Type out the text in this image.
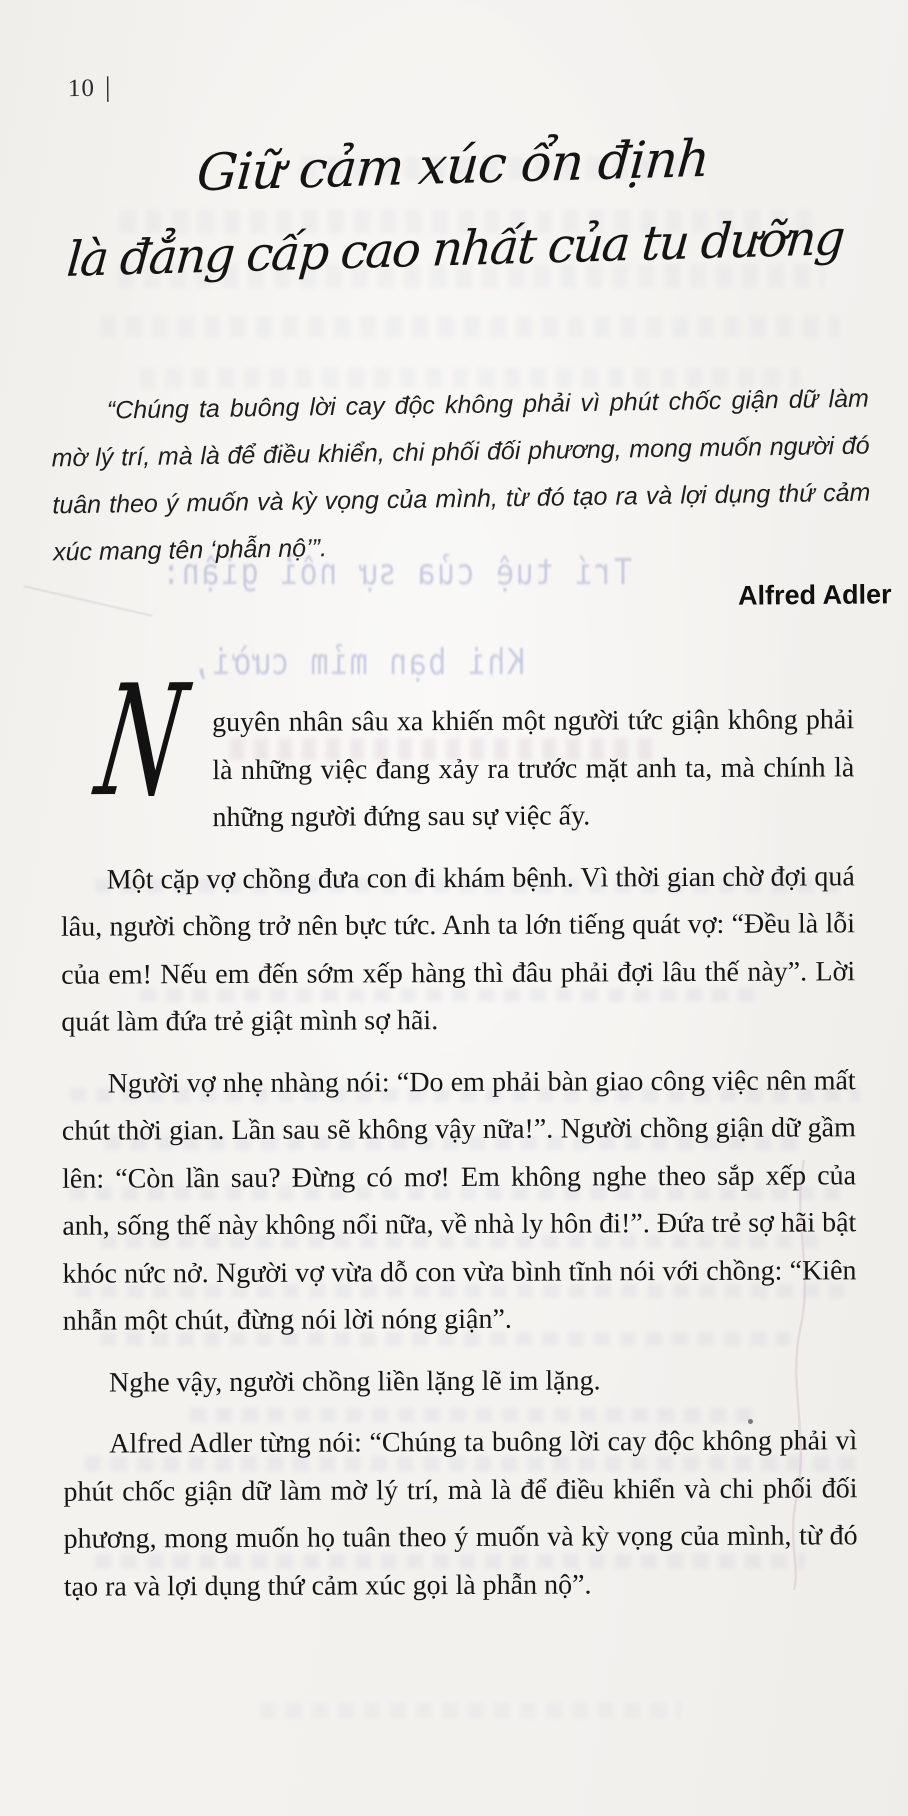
Trí tuệ của sự nổi giận:
Khi bạn mỉm cười,
10 |
Giữ cảm xúc ổn định
là đẳng cấp cao nhất của tu dưỡng
“Chúng ta buông lời cay độc không phải vì phút chốc giận dữ làm mờ lý trí, mà là để điều khiển, chi phối đối phương, mong muốn người đó tuân theo ý muốn và kỳ vọng của mình, từ đó tạo ra và lợi dụng thứ cảm xúc mang tên ‘phẫn nộ’”.
Alfred Adler
N guyên nhân sâu xa khiến một người tức giận không phải là những việc đang xảy ra trước mặt anh ta, mà chính là những người đứng sau sự việc ấy.

Một cặp vợ chồng đưa con đi khám bệnh. Vì thời gian chờ đợi quá lâu, người chồng trở nên bực tức. Anh ta lớn tiếng quát vợ: “Đều là lỗi của em! Nếu em đến sớm xếp hàng thì đâu phải đợi lâu thế này”. Lời quát làm đứa trẻ giật mình sợ hãi.

Người vợ nhẹ nhàng nói: “Do em phải bàn giao công việc nên mất chút thời gian. Lần sau sẽ không vậy nữa!”. Người chồng giận dữ gầm lên: “Còn lần sau? Đừng có mơ! Em không nghe theo sắp xếp của anh, sống thế này không nổi nữa, về nhà ly hôn đi!”. Đứa trẻ sợ hãi bật khóc nức nở. Người vợ vừa dỗ con vừa bình tĩnh nói với chồng: “Kiên nhẫn một chút, đừng nói lời nóng giận”.

Nghe vậy, người chồng liền lặng lẽ im lặng.

Alfred Adler từng nói: “Chúng ta buông lời cay độc không phải vì phút chốc giận dữ làm mờ lý trí, mà là để điều khiển và chi phối đối phương, mong muốn họ tuân theo ý muốn và kỳ vọng của mình, từ đó tạo ra và lợi dụng thứ cảm xúc gọi là phẫn nộ”.
